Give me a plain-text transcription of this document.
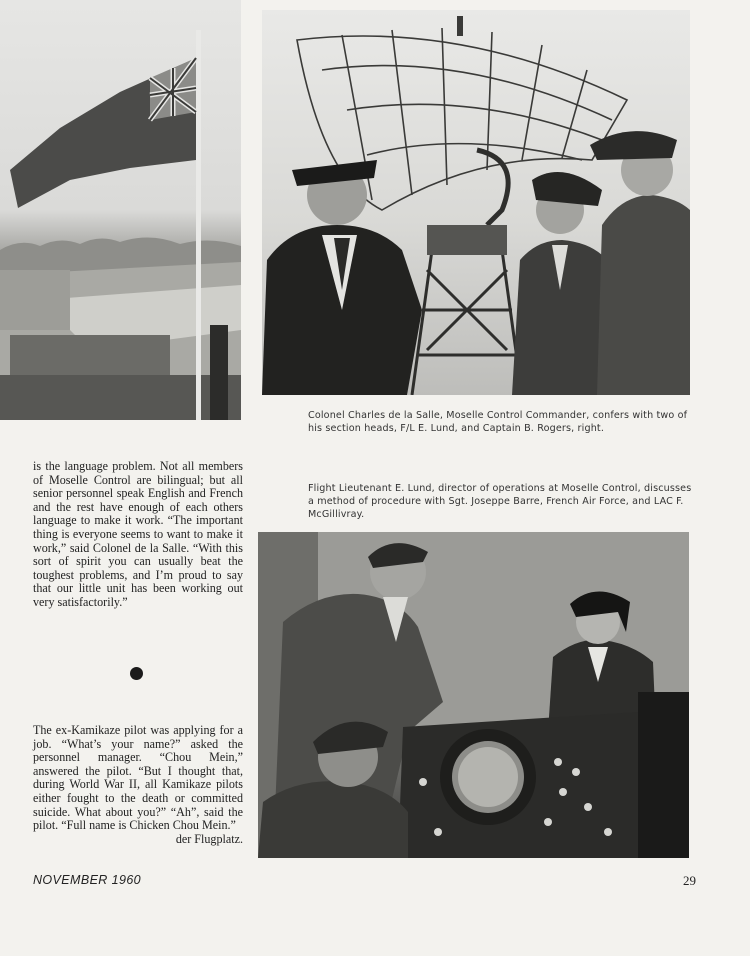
Colonel Charles de la Salle, Moselle Control Commander, confers with two of his section heads, F/L E. Lund, and Captain B. Rogers, right.

Flight Lieutenant E. Lund, director of operations at Moselle Control, discusses a method of procedure with Sgt. Joseppe Barre, French Air Force, and LAC F. McGillivray.

is the language problem. Not all members of Moselle Control are bilingual; but all senior personnel speak English and French and the rest have enough of each others language to make it work. “The important thing is everyone seems to want to make it work,” said Colonel de la Salle. “With this sort of spirit you can usually beat the toughest problems, and I’m proud to say that our little unit has been working out very satisfactorily.”

The ex-Kamikaze pilot was applying for a job. “What’s your name?” asked the personnel manager. “Chou Mein,” answered the pilot. “But I thought that, during World War II, all Kamikaze pilots either fought to the death or committed suicide. What about you?” “Ah”, said the pilot. “Full name is Chicken Chou Mein.”

der Flugplatz.

NOVEMBER 1960	29
